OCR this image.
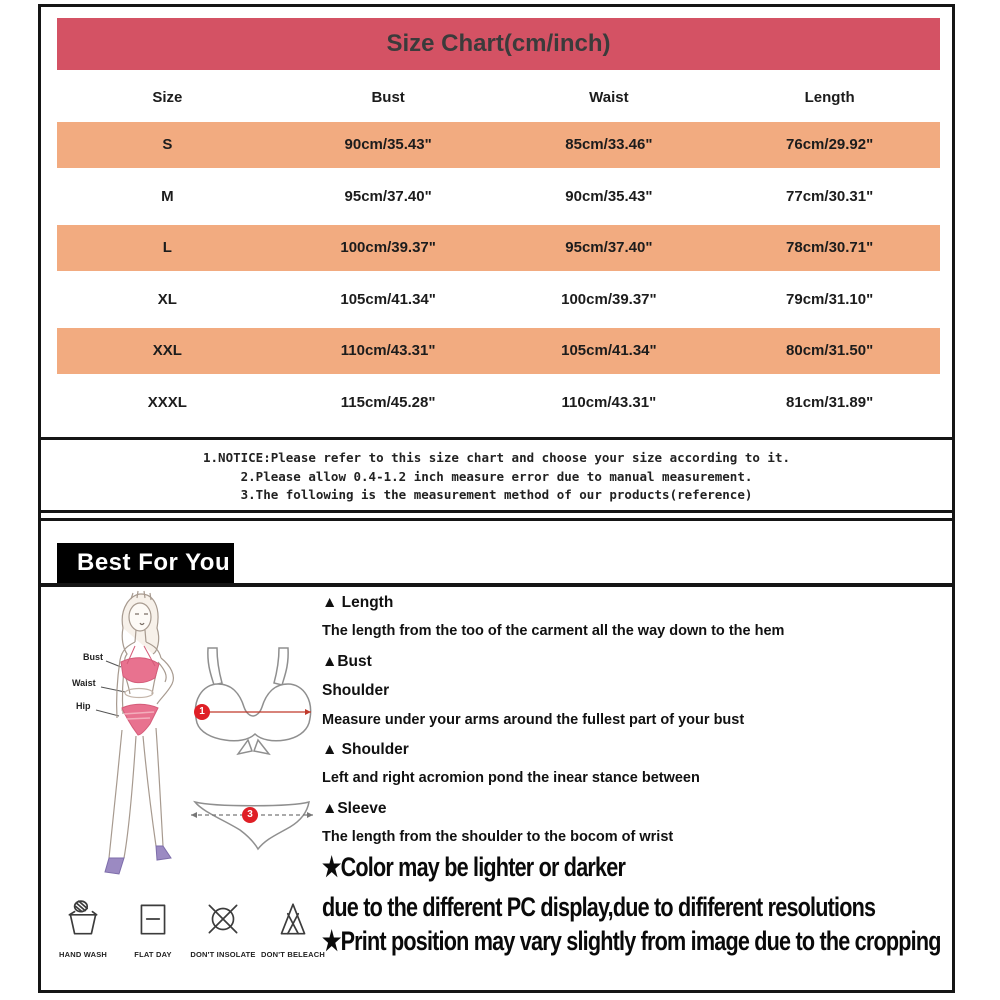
Size Chart(cm/inch)
Size	Bust	Waist	Length
S	90cm/35.43"	85cm/33.46"	76cm/29.92"
M	95cm/37.40"	90cm/35.43"	77cm/30.31"
L	100cm/39.37"	95cm/37.40"	78cm/30.71"
XL	105cm/41.34"	100cm/39.37"	79cm/31.10"
XXL	110cm/43.31"	105cm/41.34"	80cm/31.50"
XXXL	115cm/45.28"	110cm/43.31"	81cm/31.89"
1.NOTICE:Please refer to this size chart and choose your size according to it.
2.Please allow 0.4-1.2 inch measure error due to manual measurement.
3.The following is the measurement method of our products(reference)
Best For You
Bust
Waist
Hip	1
3
▲ Length
The length from the too of the carment all the way down to the hem
▲Bust
Shoulder
Measure under your arms around the fullest part of your bust
▲ Shoulder
Left and right acromion pond the inear stance between
▲Sleeve
The length from the shoulder to the bocom of wrist
★Color may be lighter or darker
due to the different PC display,due to dififerent resolutions
★Print position may vary slightly from image due to the cropping
HAND WASH	FLAT DAY DON'T INSOLATE DON'T BELEACH
